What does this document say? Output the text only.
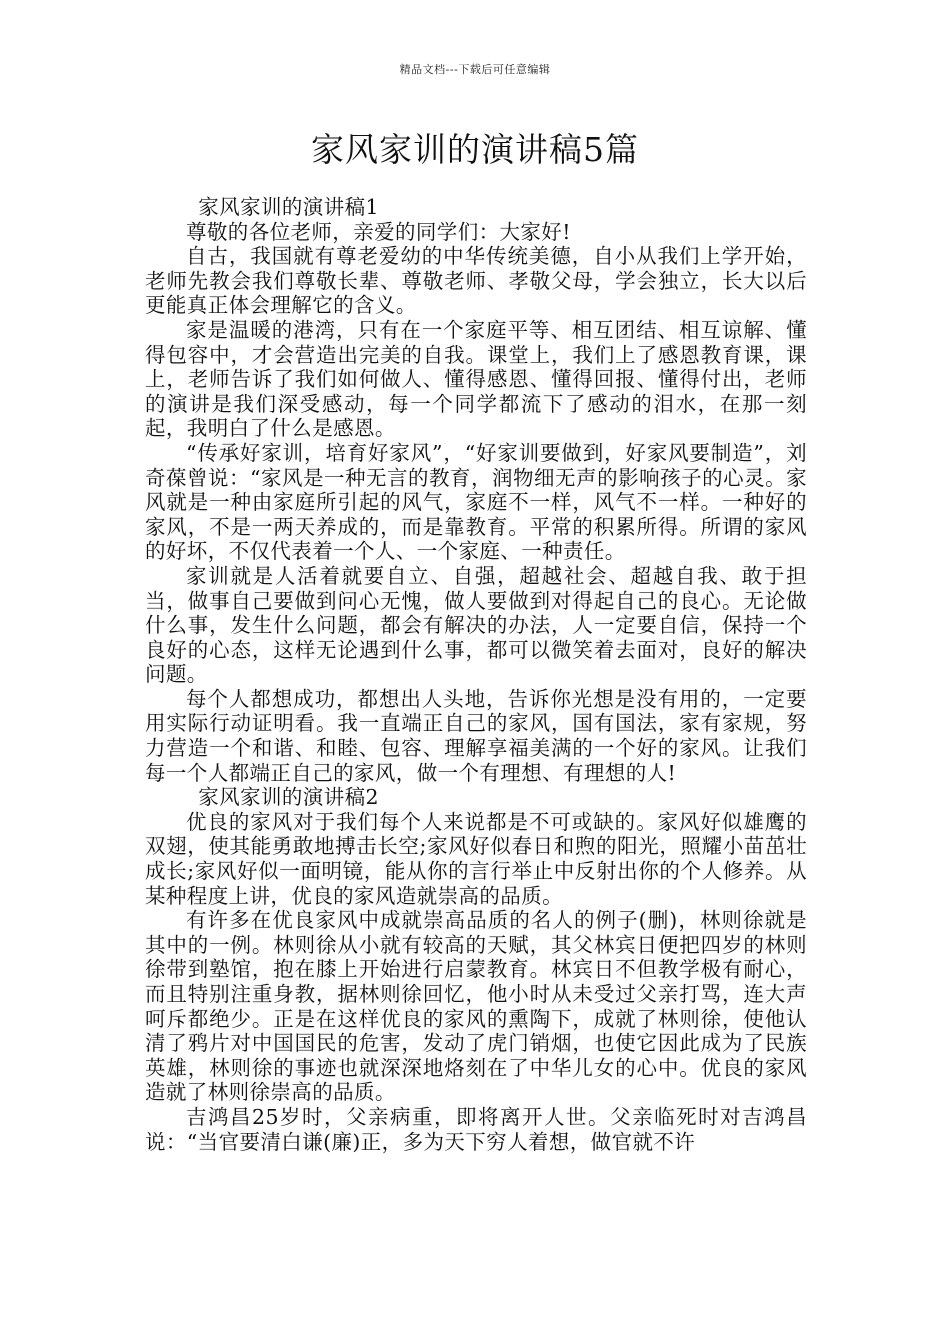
精品文档---下载后可任意编辑
家风家训的演讲稿5篇

家风家训的演讲稿1

尊敬的各位老师，亲爱的同学们：大家好!

自古，我国就有尊老爱幼的中华传统美德，自小从我们上学开始，老师先教会我们尊敬长辈、尊敬老师、孝敬父母，学会独立，长大以后更能真正体会理解它的含义。

家是温暖的港湾，只有在一个家庭平等、相互团结、相互谅解、懂得包容中，才会营造出完美的自我。课堂上，我们上了感恩教育课，课上，老师告诉了我们如何做人、懂得感恩、懂得回报、懂得付出，老师的演讲是我们深受感动，每一个同学都流下了感动的泪水，在那一刻起，我明白了什么是感恩。

“传承好家训，培育好家风”，“好家训要做到，好家风要制造”，刘奇葆曾说：“家风是一种无言的教育，润物细无声的影响孩子的心灵。家风就是一种由家庭所引起的风气，家庭不一样，风气不一样。一种好的家风，不是一两天养成的，而是靠教育。平常的积累所得。所谓的家风的好坏，不仅代表着一个人、一个家庭、一种责任。

家训就是人活着就要自立、自强，超越社会、超越自我、敢于担当，做事自己要做到问心无愧，做人要做到对得起自己的良心。无论做什么事，发生什么问题，都会有解决的办法，人一定要自信，保持一个良好的心态，这样无论遇到什么事，都可以微笑着去面对，良好的解决问题。

每个人都想成功，都想出人头地，告诉你光想是没有用的，一定要用实际行动证明看。我一直端正自己的家风，国有国法，家有家规，努力营造一个和谐、和睦、包容、理解享福美满的一个好的家风。让我们每一个人都端正自己的家风，做一个有理想、有理想的人!

家风家训的演讲稿2

优良的家风对于我们每个人来说都是不可或缺的。家风好似雄鹰的双翅，使其能勇敢地搏击长空;家风好似春日和煦的阳光，照耀小苗茁壮成长;家风好似一面明镜，能从你的言行举止中反射出你的个人修养。从某种程度上讲，优良的家风造就崇高的品质。

有许多在优良家风中成就崇高品质的名人的例子(删)，林则徐就是其中的一例。林则徐从小就有较高的天赋，其父林宾日便把四岁的林则徐带到塾馆，抱在膝上开始进行启蒙教育。林宾日不但教学极有耐心，而且特别注重身教，据林则徐回忆，他小时从未受过父亲打骂，连大声呵斥都绝少。正是在这样优良的家风的熏陶下，成就了林则徐，使他认清了鸦片对中国国民的危害，发动了虎门销烟，也使它因此成为了民族英雄，林则徐的事迹也就深深地烙刻在了中华儿女的心中。优良的家风造就了林则徐崇高的品质。

吉鸿昌25岁时，父亲病重，即将离开人世。父亲临死时对吉鸿昌说：“当官要清白谦(廉)正，多为天下穷人着想，做官就不许
